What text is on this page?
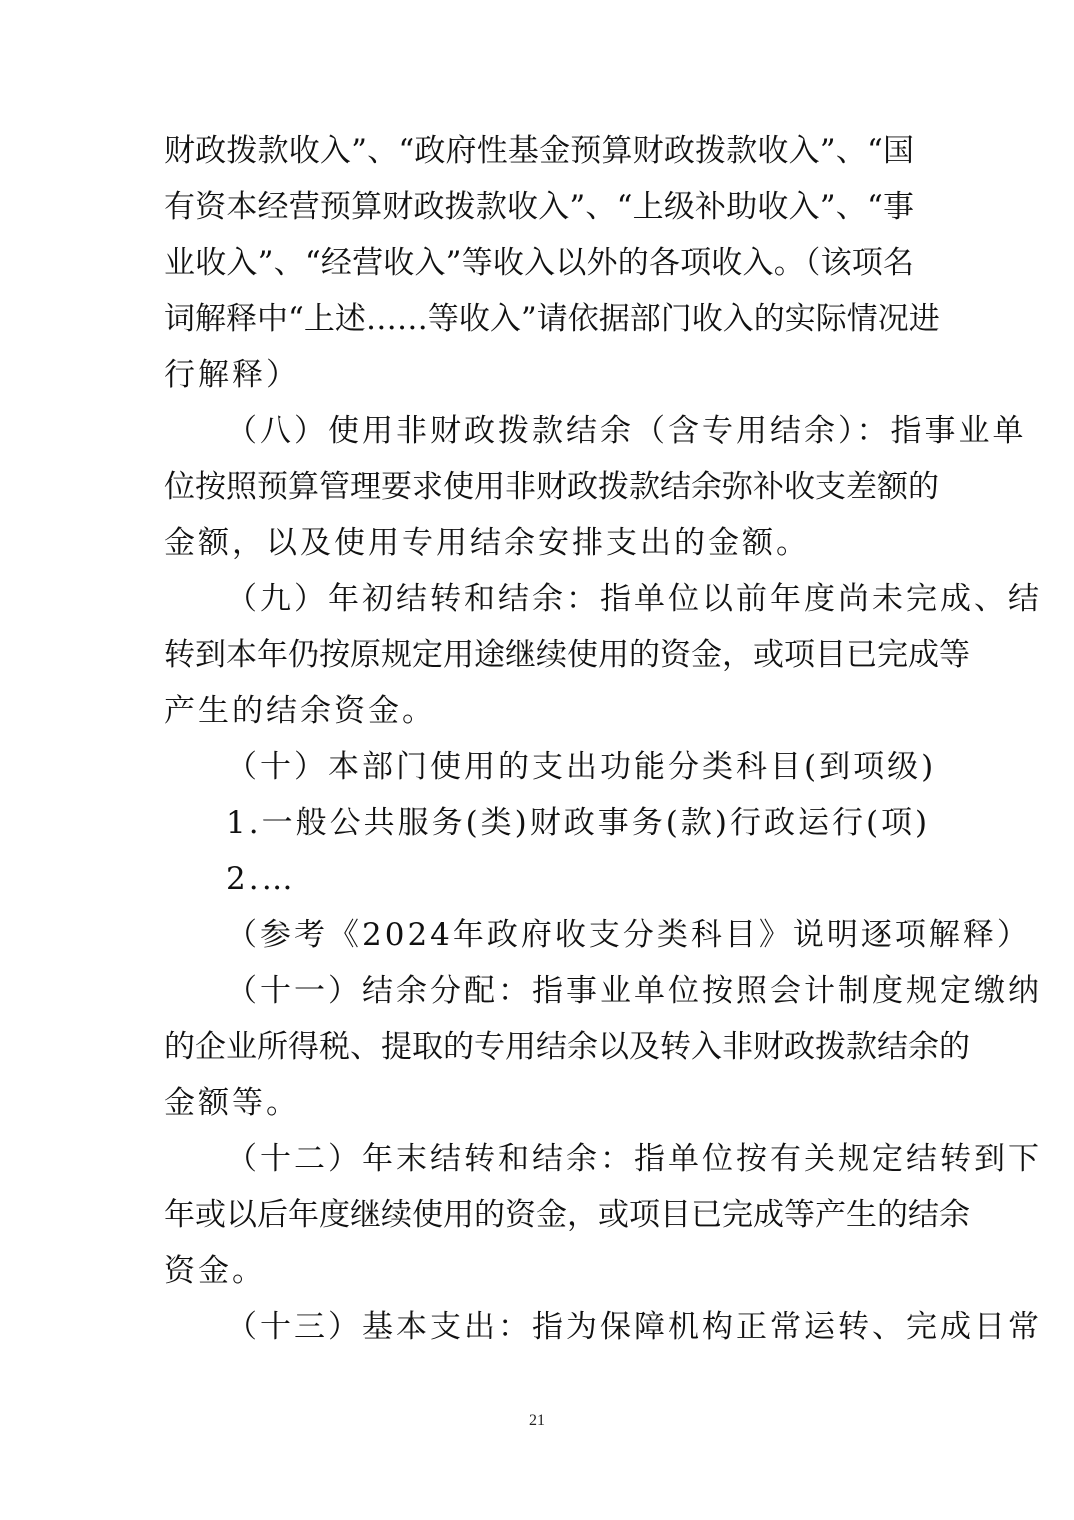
财政拨款收入”、“政府性基金预算财政拨款收入”、“国
有资本经营预算财政拨款收入”、“上级补助收入”、“事
业收入”、“经营收入”等收入以外的各项收入。（该项名
词解释中“上述……等收入”请依据部门收入的实际情况进
行解释）
（八）使用非财政拨款结余（含专用结余）：指事业单
位按照预算管理要求使用非财政拨款结余弥补收支差额的
金额，以及使用专用结余安排支出的金额。
（九）年初结转和结余：指单位以前年度尚未完成、结
转到本年仍按原规定用途继续使用的资金，或项目已完成等
产生的结余资金。
（十）本部门使用的支出功能分类科目(到项级)
1.一般公共服务(类)财政事务(款)行政运行(项)
2.…
（参考《2024年政府收支分类科目》说明逐项解释）
（十一）结余分配：指事业单位按照会计制度规定缴纳
的企业所得税、提取的专用结余以及转入非财政拨款结余的
金额等。
（十二）年末结转和结余：指单位按有关规定结转到下
年或以后年度继续使用的资金，或项目已完成等产生的结余
资金。
（十三）基本支出：指为保障机构正常运转、完成日常
21
